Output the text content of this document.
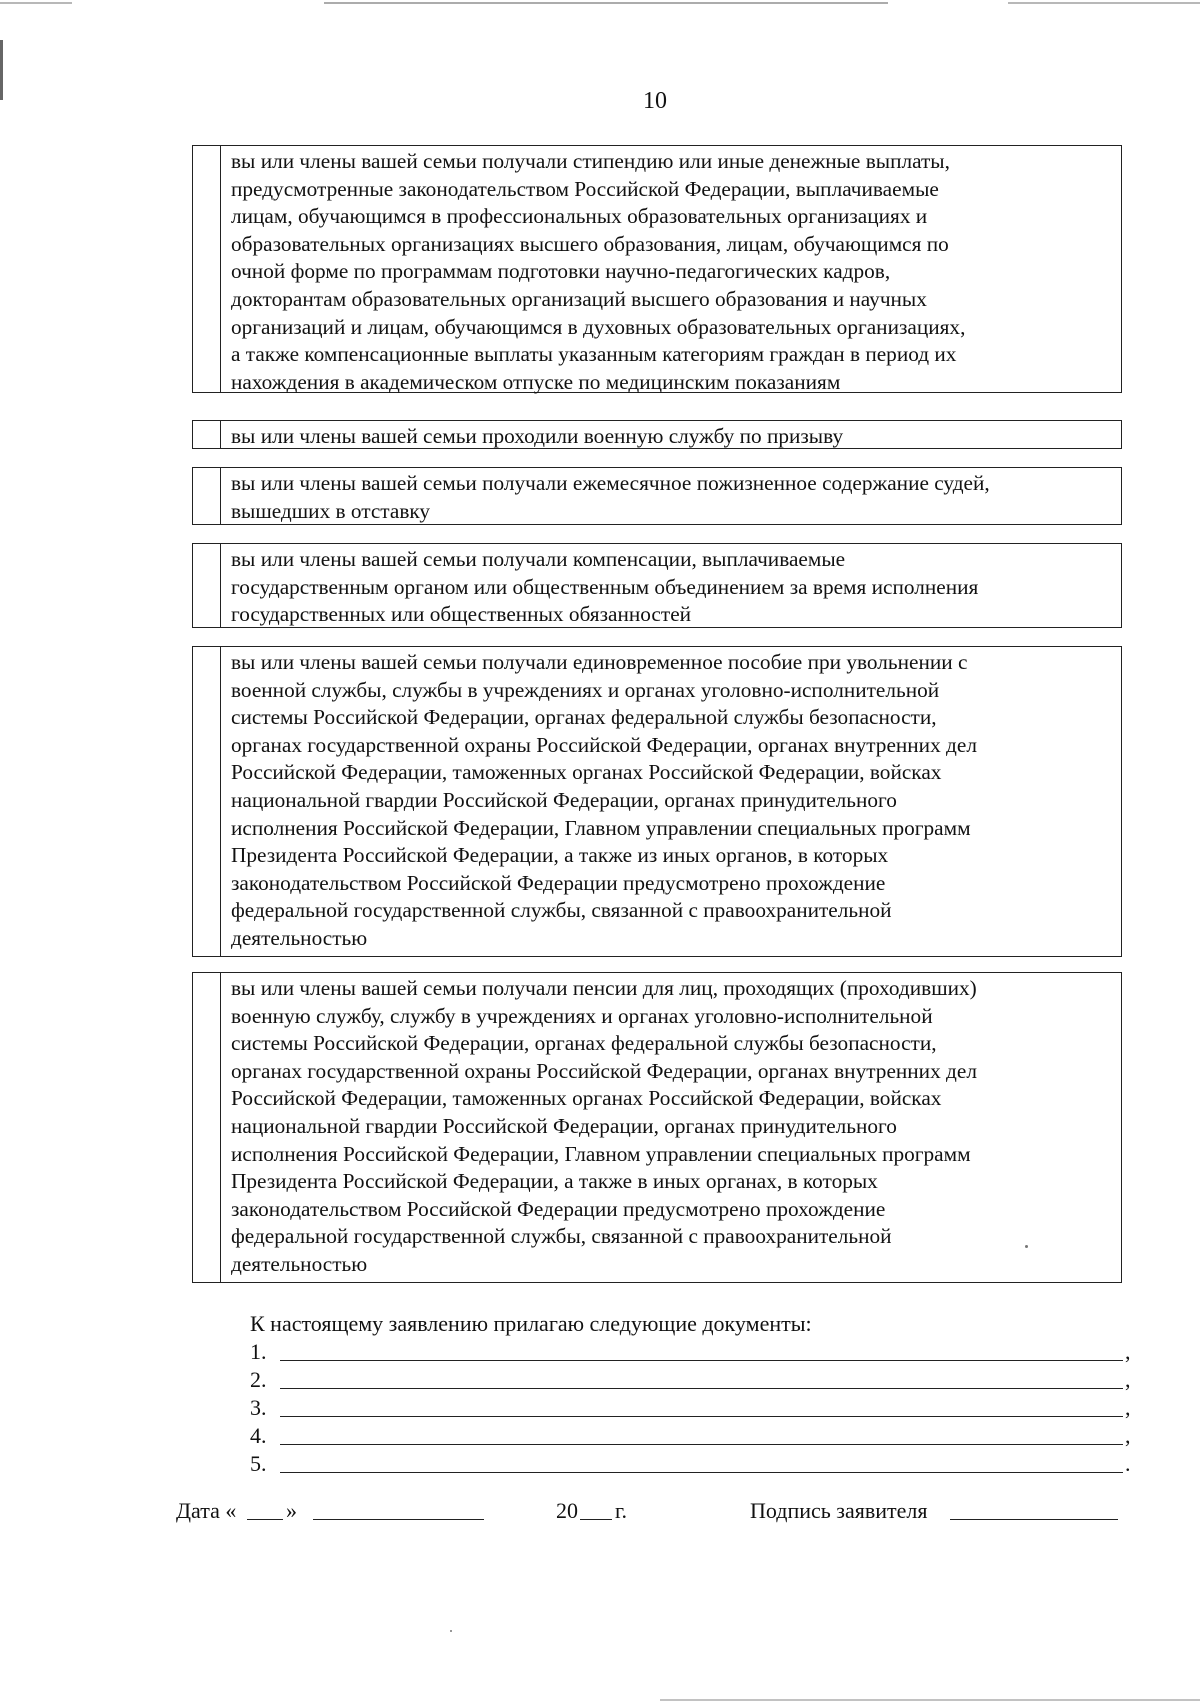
10
вы или члены вашей семьи получали стипендию или иные денежные выплаты,
предусмотренные законодательством Российской Федерации, выплачиваемые
лицам, обучающимся в профессиональных образовательных организациях и
образовательных организациях высшего образования, лицам, обучающимся по
очной форме по программам подготовки научно-педагогических кадров,
докторантам образовательных организаций высшего образования и научных
организаций и лицам, обучающимся в духовных образовательных организациях,
а также компенсационные выплаты указанным категориям граждан в период их
нахождения в академическом отпуске по медицинским показаниям
вы или члены вашей семьи проходили военную службу по призыву
вы или члены вашей семьи получали ежемесячное пожизненное содержание судей,
вышедших в отставку
вы или члены вашей семьи получали компенсации, выплачиваемые
государственным органом или общественным объединением за время исполнения
государственных или общественных обязанностей
вы или члены вашей семьи получали единовременное пособие при увольнении с
военной службы, службы в учреждениях и органах уголовно-исполнительной
системы Российской Федерации, органах федеральной службы безопасности,
органах государственной охраны Российской Федерации, органах внутренних дел
Российской Федерации, таможенных органах Российской Федерации, войсках
национальной гвардии Российской Федерации, органах принудительного
исполнения Российской Федерации, Главном управлении специальных программ
Президента Российской Федерации, а также из иных органов, в которых
законодательством Российской Федерации предусмотрено прохождение
федеральной государственной службы, связанной с правоохранительной
деятельностью
вы или члены вашей семьи получали пенсии для лиц, проходящих (проходивших)
военную службу, службу в учреждениях и органах уголовно-исполнительной
системы Российской Федерации, органах федеральной службы безопасности,
органах государственной охраны Российской Федерации, органах внутренних дел
Российской Федерации, таможенных органах Российской Федерации, войсках
национальной гвардии Российской Федерации, органах принудительного
исполнения Российской Федерации, Главном управлении специальных программ
Президента Российской Федерации, а также в иных органах, в которых
законодательством Российской Федерации предусмотрено прохождение
федеральной государственной службы, связанной с правоохранительной
деятельностью
К настоящему заявлению прилагаю следующие документы:
1.	,
2.	,
3.	,
4.	,
5.	.
Дата « »	20 г.	Подпись заявителя
